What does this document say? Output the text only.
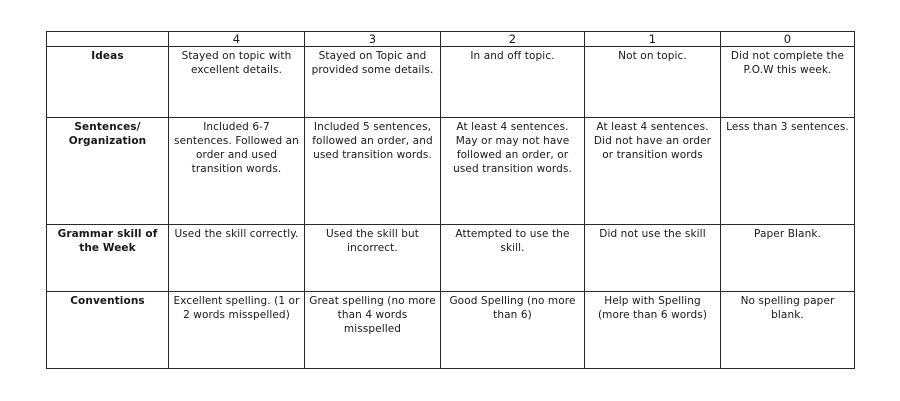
	4	3	2	1	0
Ideas	Stayed on topic with excellent details.	Stayed on Topic and provided some details.	In and off topic.	Not on topic.	Did not complete the P.O.W this week.
Sentences/ Organization	Included 6-7 sentences. Followed an order and used transition words.	Included 5 sentences, followed an order, and used transition words.	At least 4 sentences. May or may not have followed an order, or used transition words.	At least 4 sentences. Did not have an order or transition words	Less than 3 sentences.
Grammar skill of the Week	Used the skill correctly.	Used the skill but incorrect.	Attempted to use the skill.	Did not use the skill	Paper Blank.
Conventions	Excellent spelling. (1 or 2 words misspelled)	Great spelling (no more than 4 words misspelled	Good Spelling (no more than 6)	Help with Spelling (more than 6 words)	No spelling paper blank.
